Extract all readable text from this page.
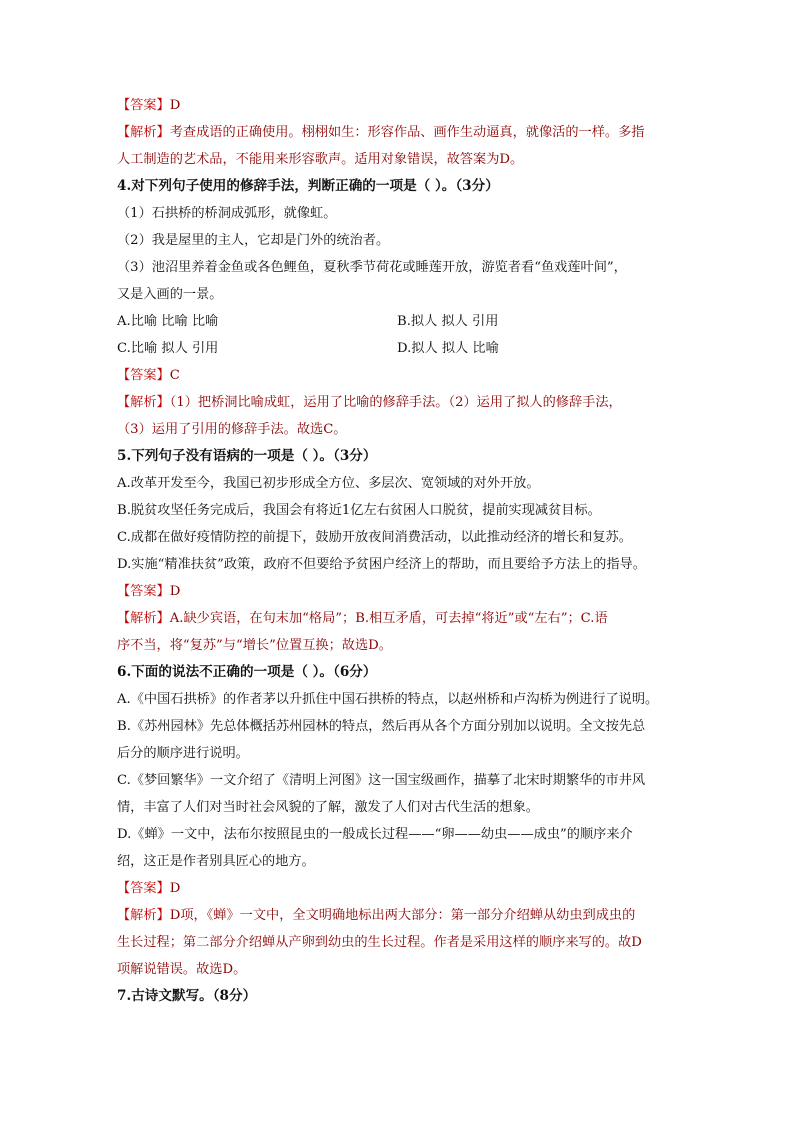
【答案】D
【解析】考查成语的正确使用。栩栩如生：形容作品、画作生动逼真，就像活的一样。多指
人工制造的艺术品，不能用来形容歌声。适用对象错误，故答案为D。
4.对下列句子使用的修辞手法，判断正确的一项是（ ）。（3分）
（1）石拱桥的桥洞成弧形，就像虹。
（2）我是屋里的主人，它却是门外的统治者。
（3）池沼里养着金鱼或各色鲤鱼，夏秋季节荷花或睡莲开放，游览者看“鱼戏莲叶间”，
又是入画的一景。
A.比喻 比喻 比喻	B.拟人 拟人 引用
C.比喻 拟人 引用	D.拟人 拟人 比喻
【答案】C
【解析】（1）把桥洞比喻成虹，运用了比喻的修辞手法。（2）运用了拟人的修辞手法，
（3）运用了引用的修辞手法。故选C。
5.下列句子没有语病的一项是（ ）。（3分）
A.改革开发至今，我国已初步形成全方位、多层次、宽领域的对外开放。
B.脱贫攻坚任务完成后，我国会有将近1亿左右贫困人口脱贫，提前实现减贫目标。
C.成都在做好疫情防控的前提下，鼓励开放夜间消费活动，以此推动经济的增长和复苏。
D.实施“精准扶贫”政策，政府不但要给予贫困户经济上的帮助，而且要给予方法上的指导。
【答案】D
【解析】A.缺少宾语，在句末加“格局”；B.相互矛盾，可去掉“将近”或“左右”；C.语
序不当，将“复苏”与“增长”位置互换；故选D。
6.下面的说法不正确的一项是（ ）。（6分）
A.《中国石拱桥》的作者茅以升抓住中国石拱桥的特点，以赵州桥和卢沟桥为例进行了说明。
B.《苏州园林》先总体概括苏州园林的特点，然后再从各个方面分别加以说明。全文按先总
后分的顺序进行说明。
C.《梦回繁华》一文介绍了《清明上河图》这一国宝级画作，描摹了北宋时期繁华的市井风
情，丰富了人们对当时社会风貌的了解，激发了人们对古代生活的想象。
D.《蝉》一文中，法布尔按照昆虫的一般成长过程——“卵——幼虫——成虫”的顺序来介
绍，这正是作者别具匠心的地方。
【答案】D
【解析】D项，《蝉》一文中，全文明确地标出两大部分：第一部分介绍蝉从幼虫到成虫的
生长过程；第二部分介绍蝉从产卵到幼虫的生长过程。作者是采用这样的顺序来写的。故D
项解说错误。故选D。
7.古诗文默写。（8分）
